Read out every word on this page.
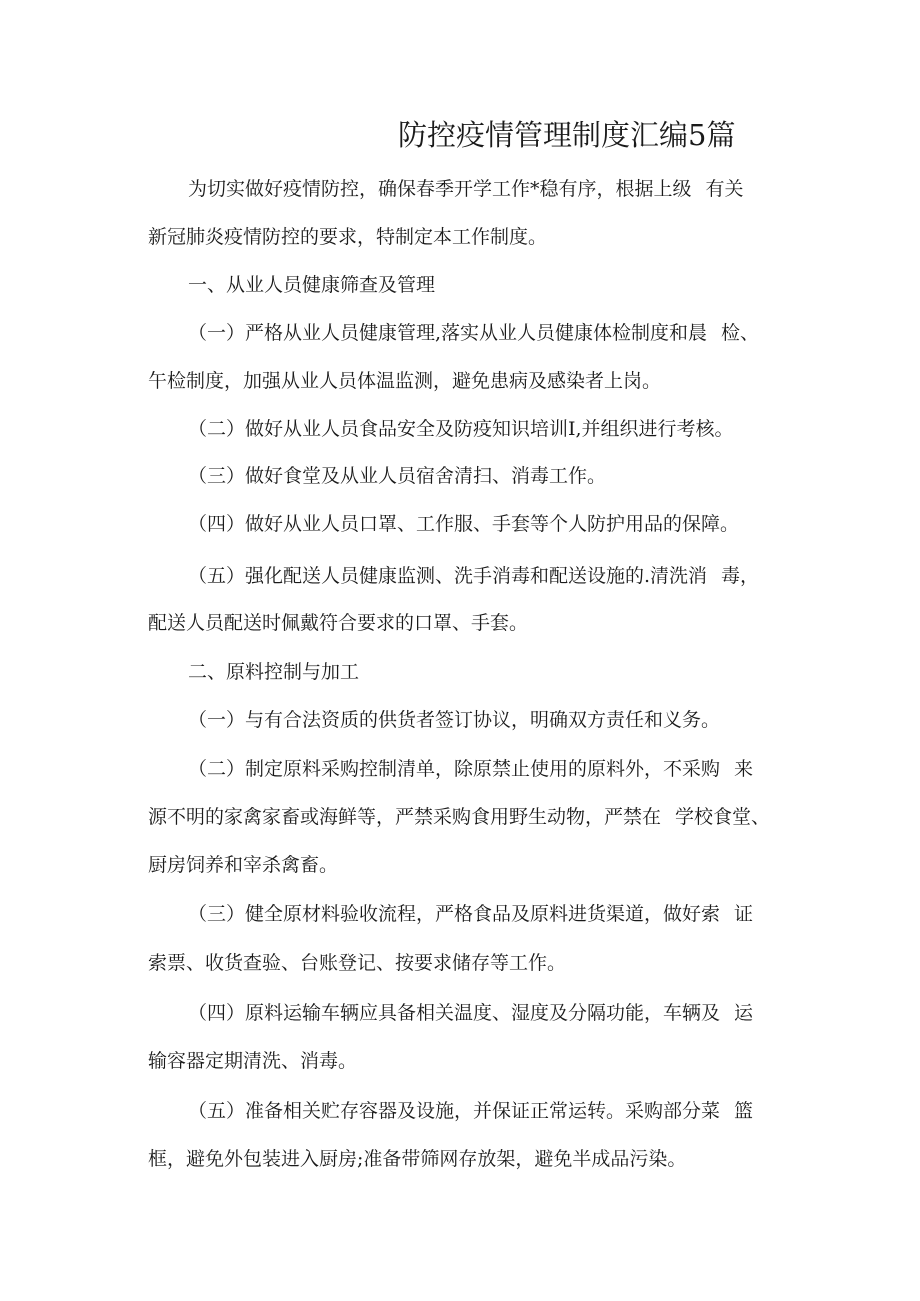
防控疫情管理制度汇编5篇
为切实做好疫情防控，确保春季开学工作*稳有序，根据上级 有关
新冠肺炎疫情防控的要求，特制定本工作制度。
一、从业人员健康筛查及管理
（一）严格从业人员健康管理,落实从业人员健康体检制度和晨 检、
午检制度，加强从业人员体温监测，避免患病及感染者上岗。
（二）做好从业人员食品安全及防疫知识培训I,并组织进行考核。
（三）做好食堂及从业人员宿舍清扫、消毒工作。
（四）做好从业人员口罩、工作服、手套等个人防护用品的保障。
（五）强化配送人员健康监测、洗手消毒和配送设施的.清洗消 毒，
配送人员配送时佩戴符合要求的口罩、手套。
二、原料控制与加工
（一）与有合法资质的供货者签订协议，明确双方责任和义务。
（二）制定原料采购控制清单，除原禁止使用的原料外，不采购 来
源不明的家禽家畜或海鲜等，严禁采购食用野生动物，严禁在 学校食堂、
厨房饲养和宰杀禽畜。
（三）健全原材料验收流程，严格食品及原料进货渠道，做好索 证
索票、收货查验、台账登记、按要求储存等工作。
（四）原料运输车辆应具备相关温度、湿度及分隔功能，车辆及 运
输容器定期清洗、消毒。
（五）准备相关贮存容器及设施，并保证正常运转。采购部分菜 篮
框，避免外包装进入厨房;准备带筛网存放架，避免半成品污染。
